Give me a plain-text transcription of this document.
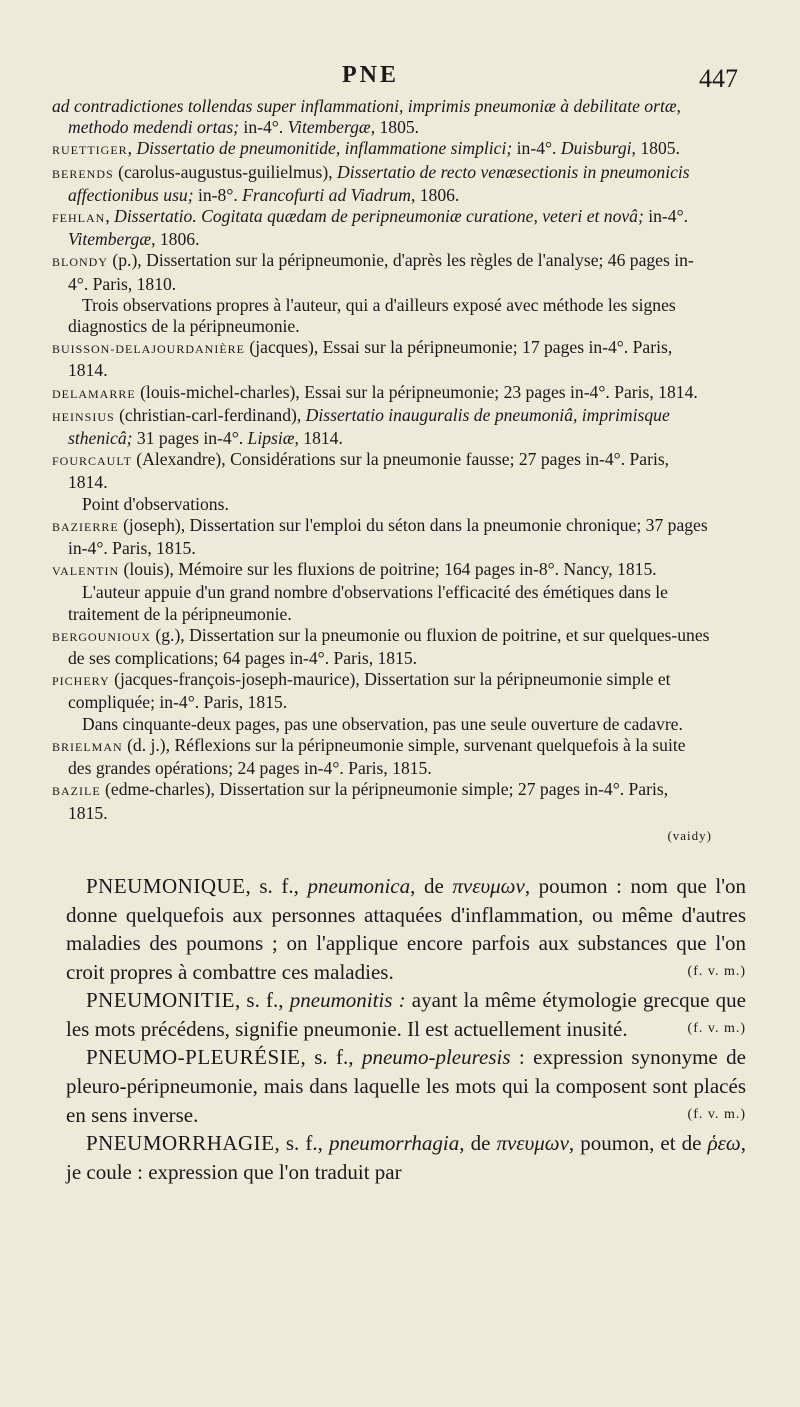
PNE	447
ad contradictiones tollendas super inflammationi, imprimis pneumoniæ à debilitate ortæ, methodo medendi ortas; in-4°. Vitembergæ, 1805.
RUETTIGER, Dissertatio de pneumonitide, inflammatione simplici; in-4°. Duisburgi, 1805.
BERENDS (carolus-augustus-guilielmus), Dissertatio de recto venæsectionis in pneumonicis affectionibus usu; in-8°. Francofurti ad Viadrum, 1806.
FEHLAN, Dissertatio. Cogitata quædam de peripneumoniæ curatione, veteri et novâ; in-4°. Vitembergæ, 1806.
BLONDY (p.), Dissertation sur la péripneumonie, d'après les règles de l'analyse; 46 pages in-4°. Paris, 1810.
Trois observations propres à l'auteur, qui a d'ailleurs exposé avec méthode les signes diagnostics de la péripneumonie.
BUISSON-DELAJOURDANIÈRE (jacques), Essai sur la péripneumonie; 17 pages in-4°. Paris, 1814.
DELAMARRE (louis-michel-charles), Essai sur la péripneumonie; 23 pages in-4°. Paris, 1814.
HEINSIUS (christian-carl-ferdinand), Dissertatio inauguralis de pneumoniâ, imprimisque sthenicâ; 31 pages in-4°. Lipsiæ, 1814.
FOURCAULT (Alexandre), Considérations sur la pneumonie fausse; 27 pages in-4°. Paris, 1814.
Point d'observations.
BAZIERRE (joseph), Dissertation sur l'emploi du séton dans la pneumonie chronique; 37 pages in-4°. Paris, 1815.
VALENTIN (louis), Mémoire sur les fluxions de poitrine; 164 pages in-8°. Nancy, 1815.
L'auteur appuie d'un grand nombre d'observations l'efficacité des émétiques dans le traitement de la péripneumonie.
BERGOUNIOUX (g.), Dissertation sur la pneumonie ou fluxion de poitrine, et sur quelques-unes de ses complications; 64 pages in-4°. Paris, 1815.
PICHERY (jacques-françois-joseph-maurice), Dissertation sur la péripneumonie simple et compliquée; in-4°. Paris, 1815.
Dans cinquante-deux pages, pas une observation, pas une seule ouverture de cadavre.
BRIELMAN (d. j.), Réflexions sur la péripneumonie simple, survenant quelquefois à la suite des grandes opérations; 24 pages in-4°. Paris, 1815.
BAZILE (edme-charles), Dissertation sur la péripneumonie simple; 27 pages in-4°. Paris, 1815.
(vaidy)
PNEUMONIQUE, s. f., pneumonica, de πνευμων, poumon : nom que l'on donne quelquefois aux personnes attaquées d'inflammation, ou même d'autres maladies des poumons ; on l'applique encore parfois aux substances que l'on croit propres à combattre ces maladies.	(f. v. m.)
PNEUMONITIE, s. f., pneumonitis : ayant la même étymologie grecque que les mots précédens, signifie pneumonie. Il est actuellement inusité.	(f. v. m.)
PNEUMO-PLEURÉSIE, s. f., pneumo-pleuresis : expression synonyme de pleuro-péripneumonie, mais dans laquelle les mots qui la composent sont placés en sens inverse.	(f. v. m.)
PNEUMORRHAGIE, s. f., pneumorrhagia, de πνευμων, poumon, et de ῥεω, je coule : expression que l'on traduit par
